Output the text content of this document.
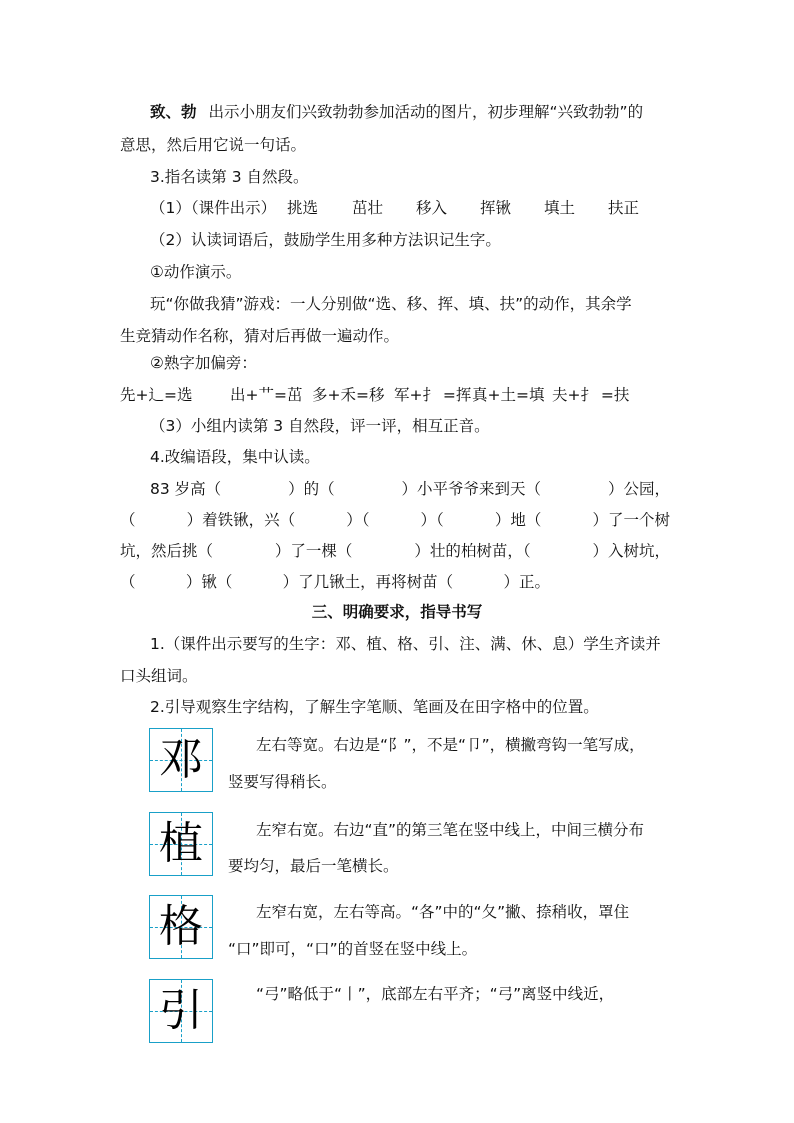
致、勃 出示小朋友们兴致勃勃参加活动的图片，初步理解“兴致勃勃”的
意思，然后用它说一句话。
3.指名读第 3 自然段。
（1）（课件出示） 挑选 茁壮 移入 挥锹 填土 扶正
（2）认读词语后，鼓励学生用多种方法识记生字。
①动作演示。
玩“你做我猜”游戏：一人分别做“选、移、挥、填、扶”的动作，其余学
生竞猜动作名称，猜对后再做一遍动作。
②熟字加偏旁：
先+辶=选 出+艹=茁 多+禾=移 军+扌 =挥 真+土=填 夫+扌 =扶
（3）小组内读第 3 自然段，评一评，相互正音。
4.改编语段，集中认读。
83 岁高（	）的（	）小平爷爷来到天（	）公园，
（	）着铁锹，兴（	）（	）（	）地（	）了一个树
坑，然后挑（	）了一棵（	）壮的柏树苗，（	）入树坑，
（	）锹（	）了几锹土，再将树苗（	）正。
三、明确要求，指导书写
1.（课件出示要写的生字：邓、植、格、引、注、满、休、息）学生齐读并
口头组词。
2.引导观察生字结构，了解生字笔顺、笔画及在田字格中的位置。
邓	左右等宽。右边是“阝”，不是“卩”，横撇弯钩一笔写成，
竖要写得稍长。
植	左窄右宽。右边“直”的第三笔在竖中线上，中间三横分布
要均匀，最后一笔横长。
格	左窄右宽，左右等高。“各”中的“夂”撇、捺稍收，罩住
“口”即可，“口”的首竖在竖中线上。
引	“弓”略低于“丨”，底部左右平齐；“弓”离竖中线近，
